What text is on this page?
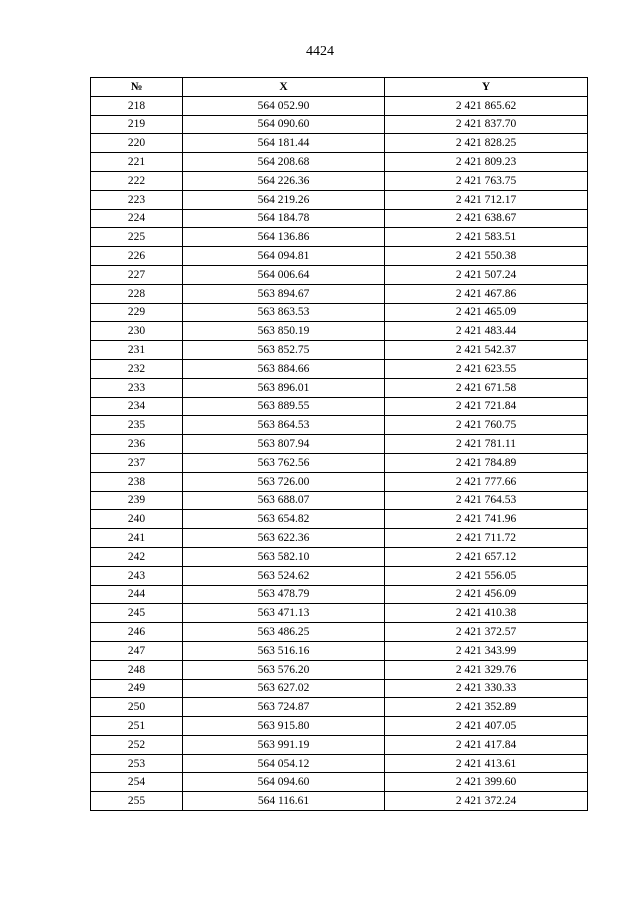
4424
№	X	Y
218	564 052.90	2 421 865.62
219	564 090.60	2 421 837.70
220	564 181.44	2 421 828.25
221	564 208.68	2 421 809.23
222	564 226.36	2 421 763.75
223	564 219.26	2 421 712.17
224	564 184.78	2 421 638.67
225	564 136.86	2 421 583.51
226	564 094.81	2 421 550.38
227	564 006.64	2 421 507.24
228	563 894.67	2 421 467.86
229	563 863.53	2 421 465.09
230	563 850.19	2 421 483.44
231	563 852.75	2 421 542.37
232	563 884.66	2 421 623.55
233	563 896.01	2 421 671.58
234	563 889.55	2 421 721.84
235	563 864.53	2 421 760.75
236	563 807.94	2 421 781.11
237	563 762.56	2 421 784.89
238	563 726.00	2 421 777.66
239	563 688.07	2 421 764.53
240	563 654.82	2 421 741.96
241	563 622.36	2 421 711.72
242	563 582.10	2 421 657.12
243	563 524.62	2 421 556.05
244	563 478.79	2 421 456.09
245	563 471.13	2 421 410.38
246	563 486.25	2 421 372.57
247	563 516.16	2 421 343.99
248	563 576.20	2 421 329.76
249	563 627.02	2 421 330.33
250	563 724.87	2 421 352.89
251	563 915.80	2 421 407.05
252	563 991.19	2 421 417.84
253	564 054.12	2 421 413.61
254	564 094.60	2 421 399.60
255	564 116.61	2 421 372.24
